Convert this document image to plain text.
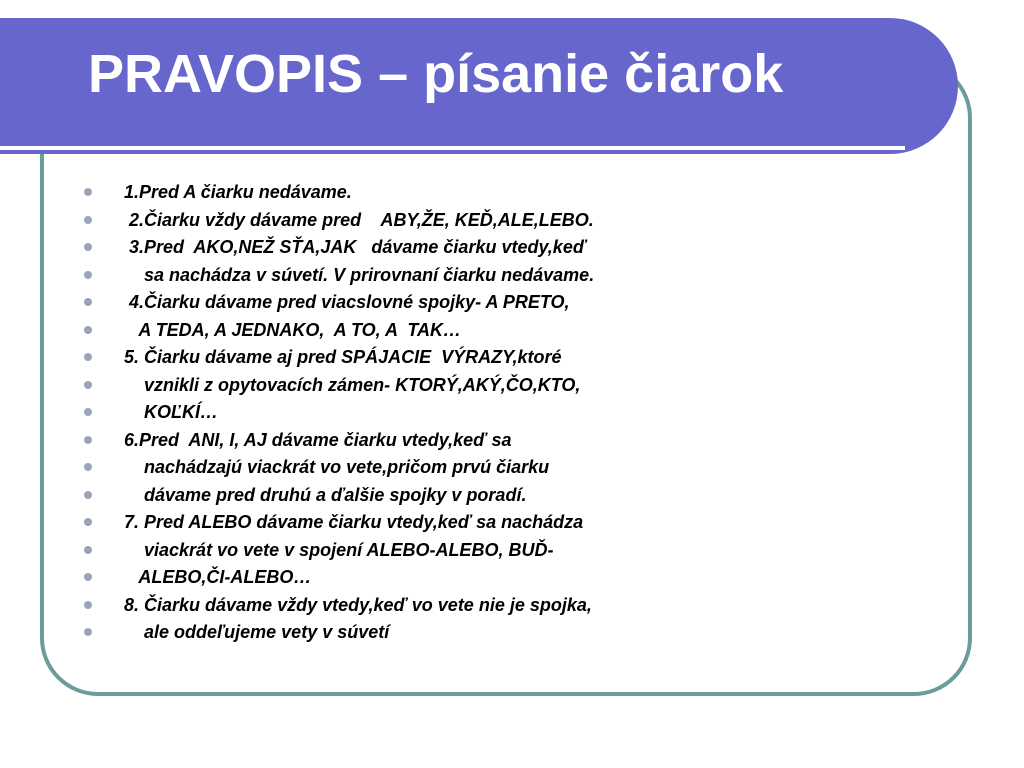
PRAVOPIS – písanie čiarok
1.Pred A čiarku nedávame.
2.Čiarku vždy dávame pred    ABY,ŽE, KEĎ,ALE,LEBO.
3.Pred  AKO,NEŽ SŤA,JAK   dávame čiarku vtedy,keď
sa nachádza v súvetí. V prirovnaní čiarku nedávame.
4.Čiarku dávame pred viacslovné spojky- A PRETO,
A TEDA, A JEDNAKO,  A TO, A  TAK…
5. Čiarku dávame aj pred SPÁJACIE  VÝRAZY,ktoré
vznikli z opytovacích zámen- KTORÝ,AKÝ,ČO,KTO,
KOĽKÍ…
6.Pred  ANI, I, AJ dávame čiarku vtedy,keď sa
nachádzajú viackrát vo vete,pričom prvú čiarku
dávame pred druhú a ďalšie spojky v poradí.
7. Pred ALEBO dávame čiarku vtedy,keď sa nachádza
viackrát vo vete v spojení ALEBO-ALEBO, BUĎ-
ALEBO,ČI-ALEBO…
8. Čiarku dávame vždy vtedy,keď vo vete nie je spojka,
ale oddeľujeme vety v súvetí
